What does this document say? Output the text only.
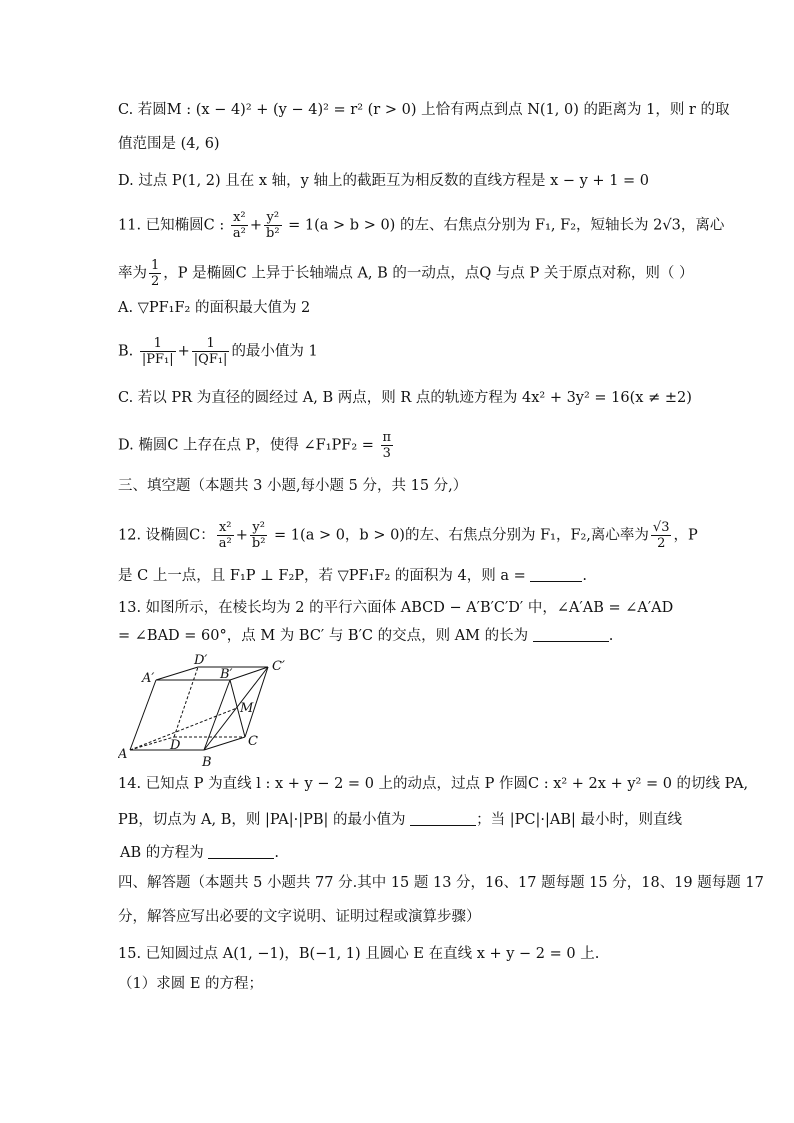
C. 若圆M : (x − 4)² + (y − 4)² = r² (r > 0) 上恰有两点到点 N(1, 0) 的距离为 1，则 r 的取
值范围是 (4, 6)
D. 过点 P(1, 2) 且在 x 轴，y 轴上的截距互为相反数的直线方程是 x − y + 1 = 0
11. 已知椭圆C : $\frac{\text{x²}}{\text{a²}} + \frac{\text{y²}}{\text{b²}} = 1(a > b > 0)$ 的左、右焦点分别为 F₁, F₂，短轴长为 2√3，离心
率为 $\frac{1}{2}$ ，P 是椭圆C 上异于长轴端点 A, B 的一动点，点Q 与点 P 关于原点对称，则（ ）
A. ▽PF₁F₂ 的面积最大值为 2
B. $\frac{1}{\text{|PF₁|}} + \frac{1}{\text{|QF₁|}}$ 的最小值为 1
C. 若以 PR 为直径的圆经过 A, B 两点，则 R 点的轨迹方程为 4x² + 3y² = 16(x ≠ ±2)
D. 椭圆C 上存在点 P，使得 ∠F₁PF₂ = $\frac{\pi}{3}$
三、填空题（本题共 3 小题,每小题 5 分，共 15 分,）
12. 设椭圆C： $\frac{\text{x²}}{\text{a²}} + \frac{\text{y²}}{\text{b²}} = 1(a > 0$，b > 0)的左、右焦点分别为 F₁，F₂,离心率为 $\frac{√3}{2}$ ，P
是 C 上一点，且 F₁P ⊥ F₂P，若 ▽PF₁F₂ 的面积为 4，则 a =	.
13. 如图所示，在棱长均为 2 的平行六面体 ABCD − A′B′C′D′ 中，∠A′AB = ∠A′AD
= ∠BAD = 60°，点 M 为 BC′ 与 B′C 的交点，则 AM 的长为	.
A
B
C
D
A′	B′
C′
D′
M
14. 已知点 P 为直线 l : x + y − 2 = 0 上的动点，过点 P 作圆C : x² + 2x + y² = 0 的切线 PA,
PB，切点为 A, B，则 |PA|·|PB| 的最小值为	；当 |PC|·|AB| 最小时，则直线
AB 的方程为	.
四、解答题（本题共 5 小题共 77 分.其中 15 题 13 分，16、17 题每题 15 分，18、19 题每题 17
分，解答应写出必要的文字说明、证明过程或演算步骤）
15. 已知圆过点 A(1, −1)，B(−1, 1) 且圆心 E 在直线 x + y − 2 = 0 上.
（1）求圆 E 的方程；
